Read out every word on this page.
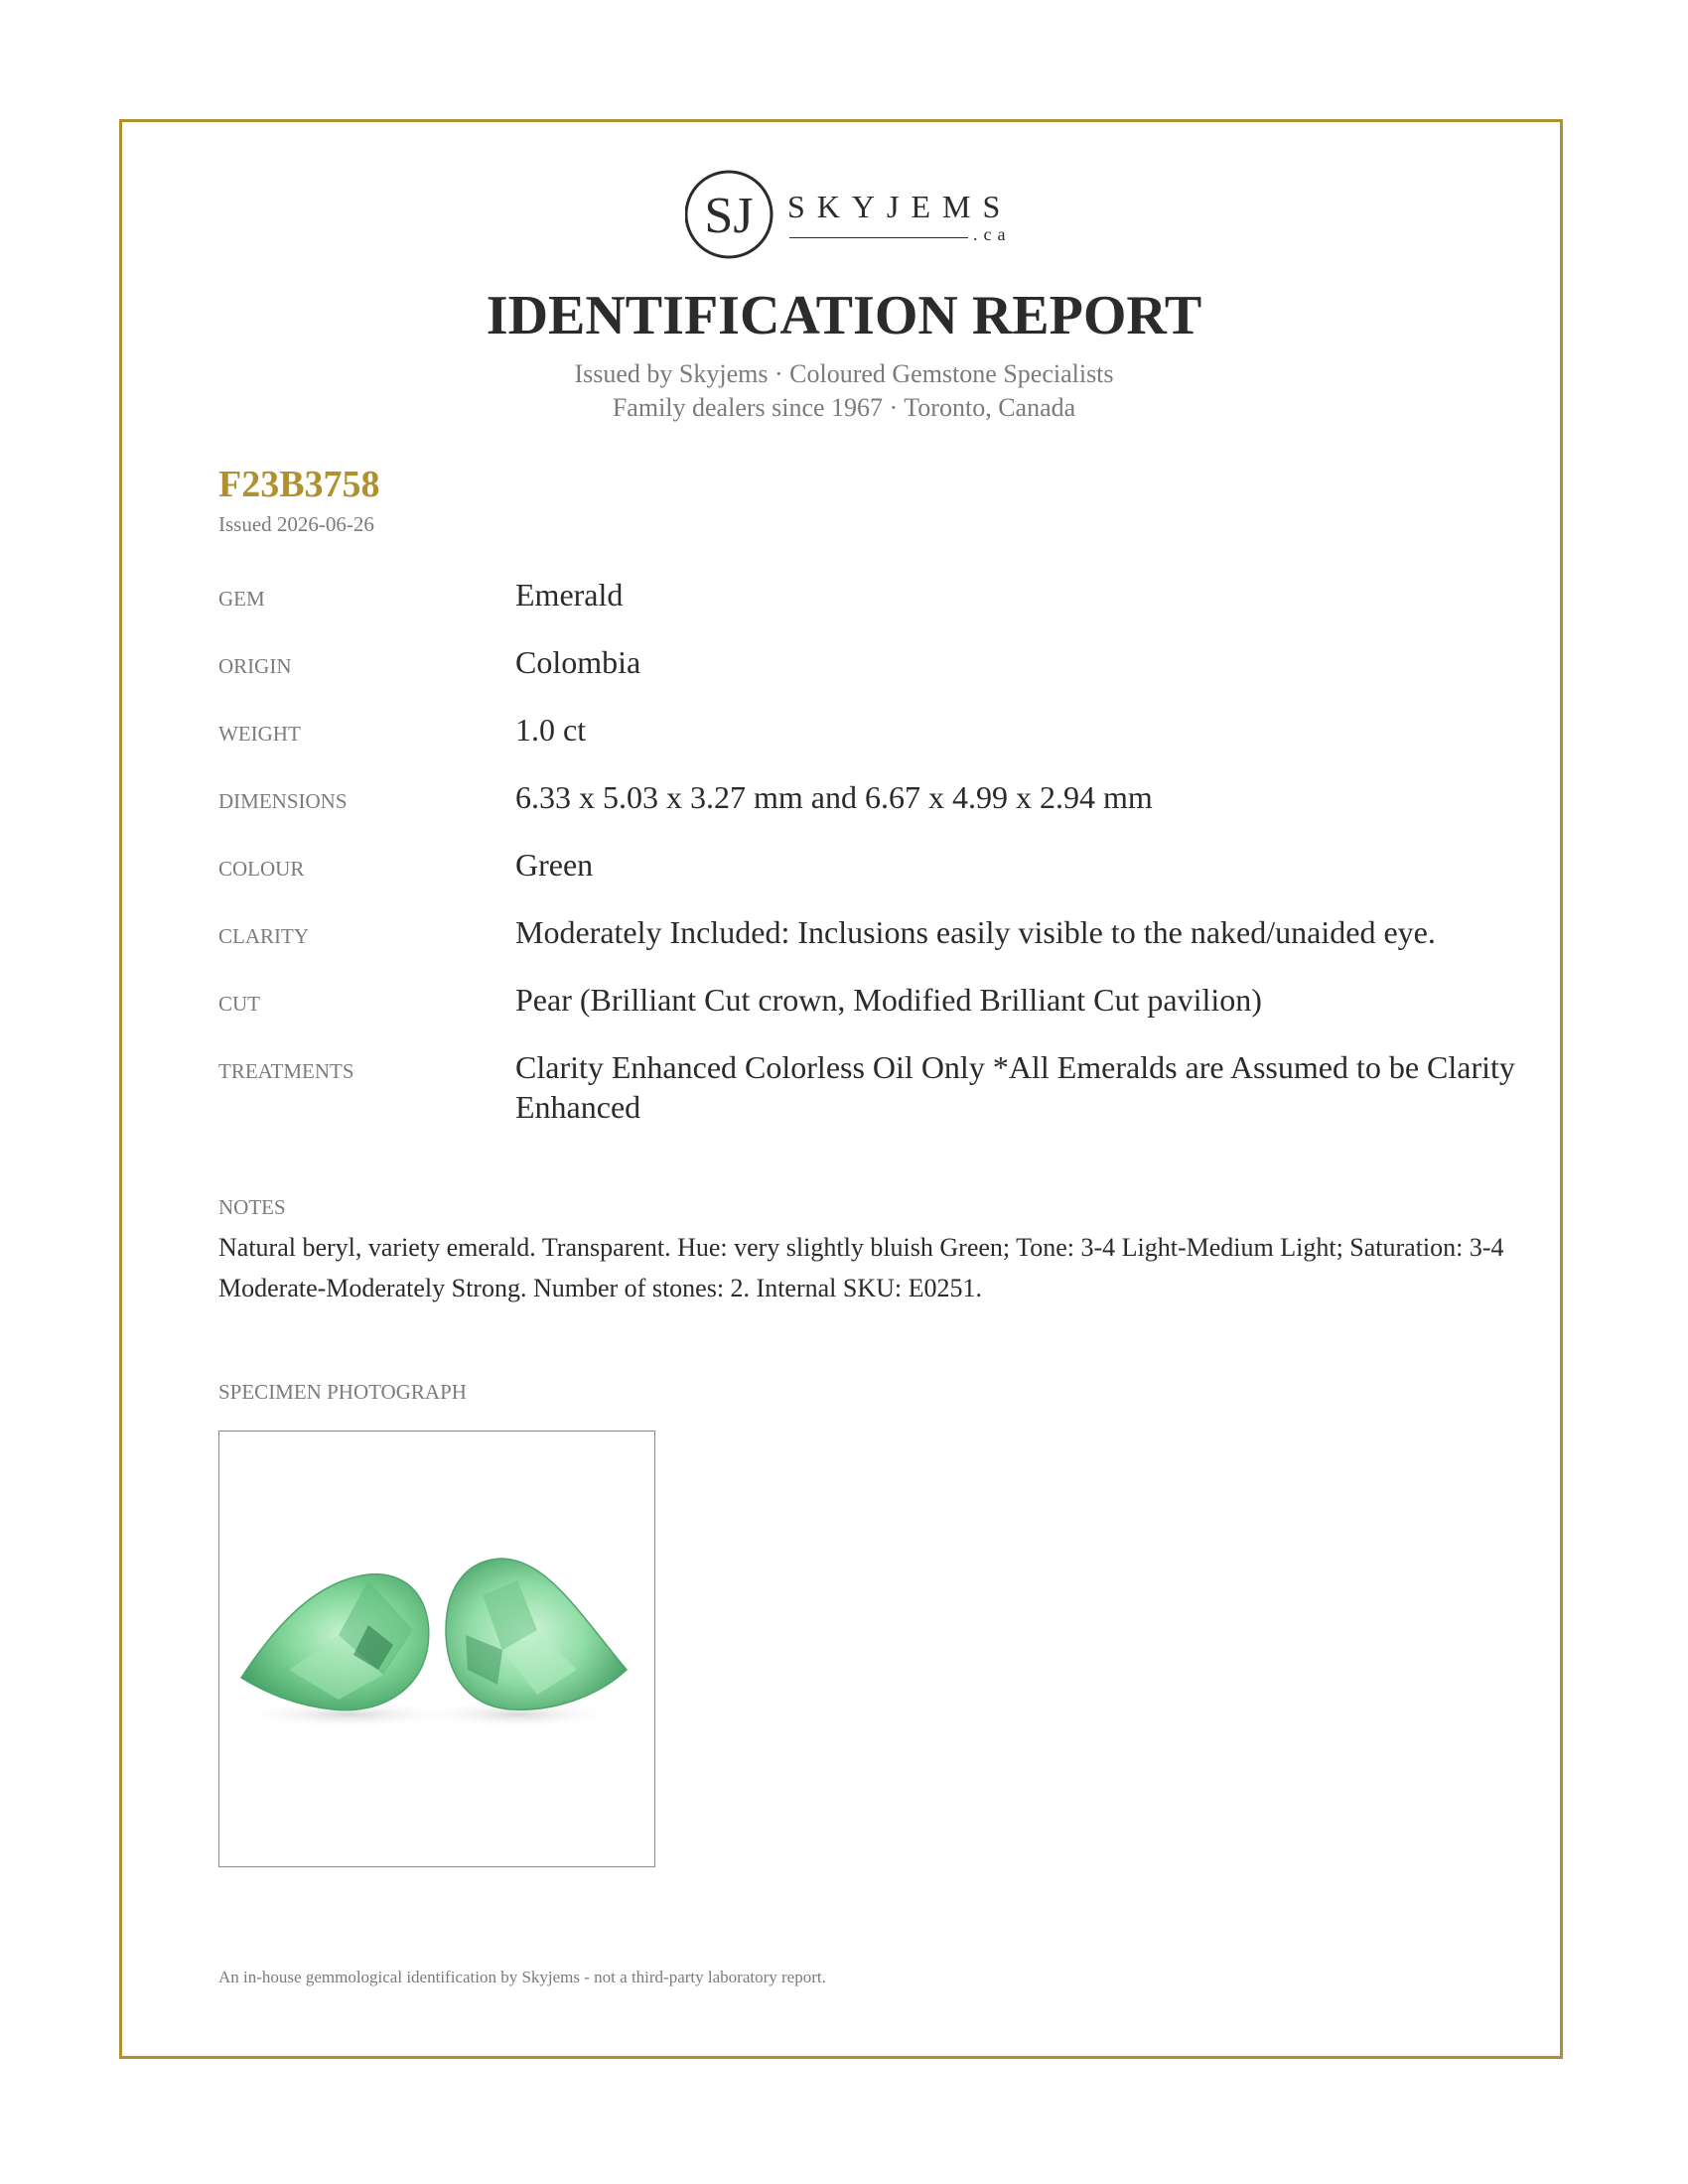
SJ SKYJEMS
.ca
IDENTIFICATION REPORT
Issued by Skyjems · Coloured Gemstone Specialists
Family dealers since 1967 · Toronto, Canada
F23B3758
Issued 2026-06-26
GEM	Emerald
ORIGIN	Colombia
WEIGHT	1.0 ct
DIMENSIONS	6.33 x 5.03 x 3.27 mm and 6.67 x 4.99 x 2.94 mm
COLOUR	Green
CLARITY	Moderately Included: Inclusions easily visible to the naked/unaided eye.
CUT	Pear (Brilliant Cut crown, Modified Brilliant Cut pavilion)
TREATMENTS	Clarity Enhanced Colorless Oil Only *All Emeralds are Assumed to be Clarity Enhanced
NOTES
Natural beryl, variety emerald. Transparent. Hue: very slightly bluish Green; Tone: 3-4 Light-Medium Light; Saturation: 3-4 Moderate-Moderately Strong. Number of stones: 2. Internal SKU: E0251.
SPECIMEN PHOTOGRAPH
An in-house gemmological identification by Skyjems - not a third-party laboratory report.
